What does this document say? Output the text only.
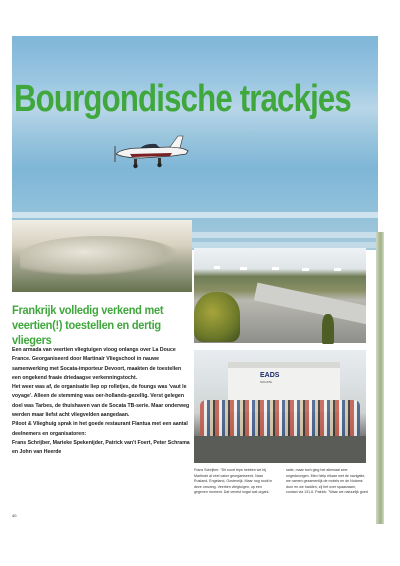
Bourgondische trackjes
Frankrijk volledig verkend met veertien(!) toestellen en dertig vliegers

Een armada van veertien vliegtuigen vloog onlangs over La Douce France. Georganiseerd door Martinair Vliegschool in nauwe samenwerking met Socata-importeur Devoort, maakten de toestellen een ongekend fraaie driedaagse verkenningstocht.

Het weer was af, de organisatie liep op rolletjes, de foungs was 'vaut le voyage'. Alleen de stemming was oer-hollands-gezellig. Verst gelegen doel was Tarbes, de thuishaven van de Socata TB-serie. Maar onderweg werden maar liefst acht vliegvelden aangedaan.

Piloot & Vlieghuig sprak in het goede restaurant Flantua met een aantal deelnemers en organisatoren:

Frans Schrijber, Marieke Spekenijder, Patrick van't Foert, Peter Schrama en John van Heerde

EADS
SOCATA
Frans Schrijber: "Dit soort trips hebben we bij Martinair al veel vaker georganiseerd. Naar Rusland, Engeland, Oostenrijk. Maar nog nooit in deze omvang. Veertien vliegtuigen, op een gegeven moment. Dat vereist nogal wat organi-
satie, maar toch ging het allemaal zeer ongedwongen. Men hielp elkaar met de navigatie, we namen gezamenlijk de motels en de Notams door en we hadden, zij het over spaarzaam, contact via 131.6. Patrick: "Waar we natuurlijk goed
40
